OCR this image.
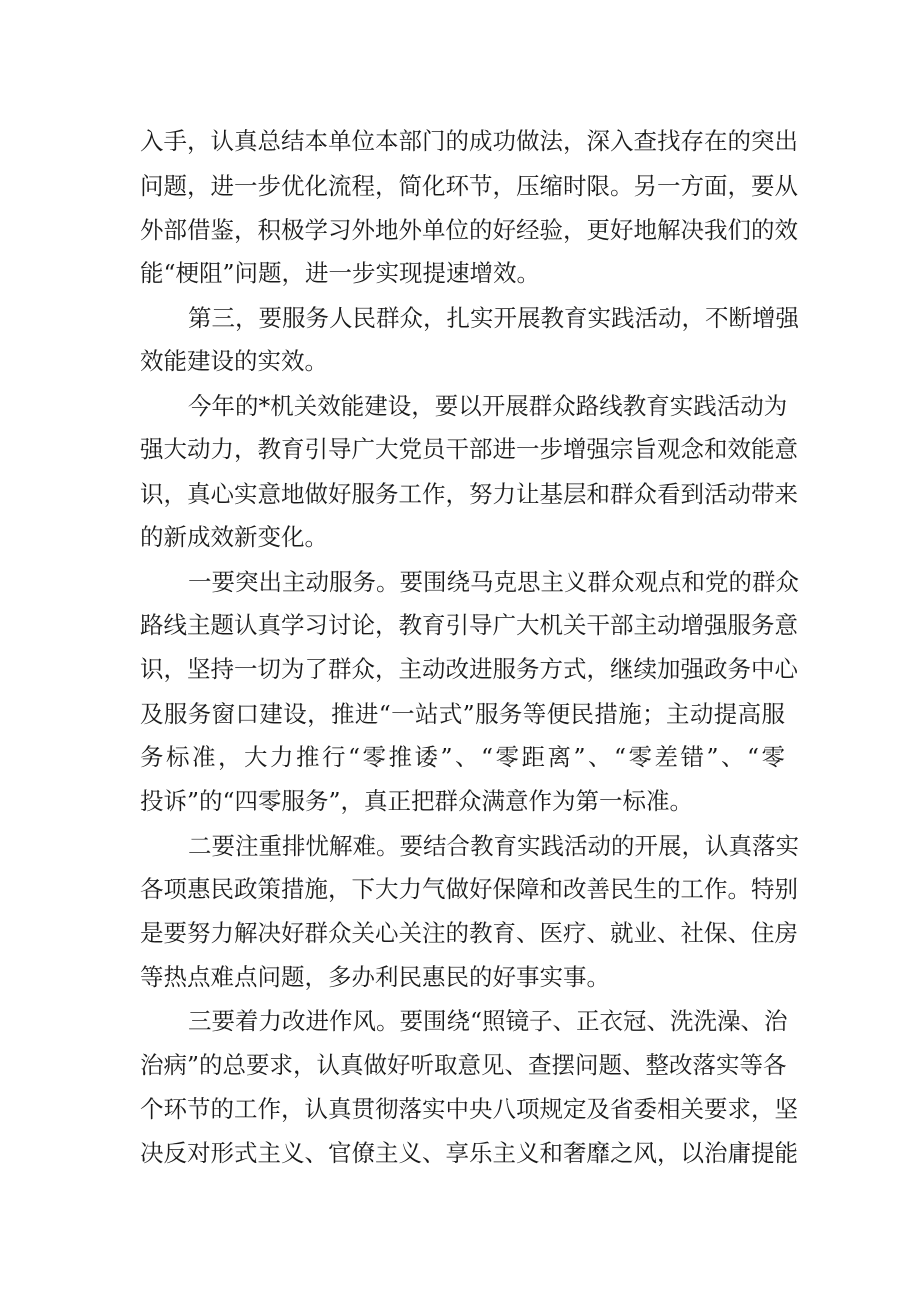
入手，认真总结本单位本部门的成功做法，深入查找存在的突出
问题，进一步优化流程，简化环节，压缩时限。另一方面，要从
外部借鉴，积极学习外地外单位的好经验，更好地解决我们的效
能“梗阻”问题，进一步实现提速增效。
第三，要服务人民群众，扎实开展教育实践活动，不断增强
效能建设的实效。
今年的*机关效能建设，要以开展群众路线教育实践活动为
强大动力，教育引导广大党员干部进一步增强宗旨观念和效能意
识，真心实意地做好服务工作，努力让基层和群众看到活动带来
的新成效新变化。
一要突出主动服务。要围绕马克思主义群众观点和党的群众
路线主题认真学习讨论，教育引导广大机关干部主动增强服务意
识，坚持一切为了群众，主动改进服务方式，继续加强政务中心
及服务窗口建设，推进“一站式”服务等便民措施；主动提高服
务标准，大力推行“零推诿”、“零距离”、“零差错”、“零
投诉”的“四零服务”，真正把群众满意作为第一标准。
二要注重排忧解难。要结合教育实践活动的开展，认真落实
各项惠民政策措施，下大力气做好保障和改善民生的工作。特别
是要努力解决好群众关心关注的教育、医疗、就业、社保、住房
等热点难点问题，多办利民惠民的好事实事。
三要着力改进作风。要围绕“照镜子、正衣冠、洗洗澡、治
治病”的总要求，认真做好听取意见、查摆问题、整改落实等各
个环节的工作，认真贯彻落实中央八项规定及省委相关要求，坚
决反对形式主义、官僚主义、享乐主义和奢靡之风，以治庸提能
